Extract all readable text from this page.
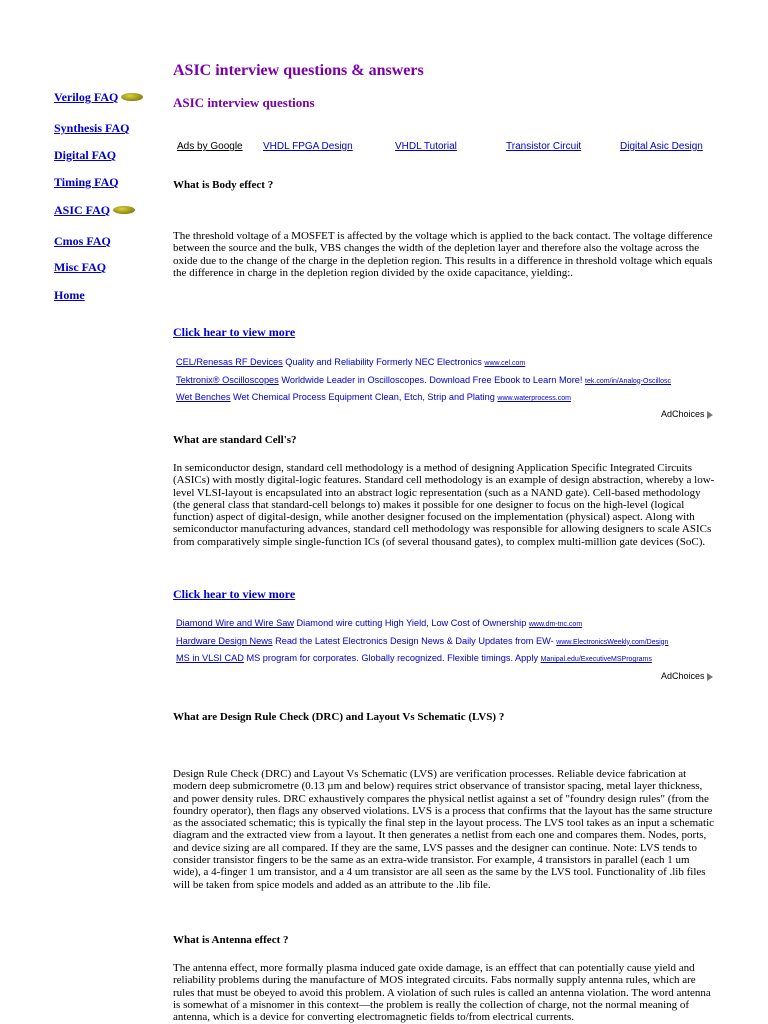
Verilog FAQ
Synthesis FAQ
Digital FAQ
Timing FAQ
ASIC FAQ
Cmos FAQ
Misc FAQ
Home
ASIC interview questions & answers
ASIC interview questions
Ads by Google VHDL FPGA Design	VHDL Tutorial	Transistor Circuit	Digital Asic Design
What is Body effect ?
The threshold voltage of a MOSFET is affected by the voltage which is applied to the back contact. The voltage difference between the source and the bulk, VBS changes the width of the depletion layer and therefore also the voltage across the oxide due to the change of the charge in the depletion region. This results in a difference in threshold voltage which equals the difference in charge in the depletion region divided by the oxide capacitance, yielding:.
Click hear to view more
CEL/Renesas RF Devices Quality and Reliability Formerly NEC Electronics www.cel.com
Tektronix® Oscilloscopes Worldwide Leader in Oscilloscopes. Download Free Ebook to Learn More! tek.com/in/Analog-Oscillosc
Wet Benches Wet Chemical Process Equipment Clean, Etch, Strip and Plating www.waterprocess.com
AdChoices
What are standard Cell's?
In semiconductor design, standard cell methodology is a method of designing Application Specific Integrated Circuits (ASICs) with mostly digital-logic features. Standard cell methodology is an example of design abstraction, whereby a low-level VLSI-layout is encapsulated into an abstract logic representation (such as a NAND gate). Cell-based methodology (the general class that standard-cell belongs to) makes it possible for one designer to focus on the high-level (logical function) aspect of digital-design, while another designer focused on the implementation (physical) aspect. Along with semiconductor manufacturing advances, standard cell methodology was responsible for allowing designers to scale ASICs from comparatively simple single-function ICs (of several thousand gates), to complex multi-million gate devices (SoC).
Click hear to view more
Diamond Wire and Wire Saw Diamond wire cutting High Yield, Low Cost of Ownership www.dm-tnc.com
Hardware Design News Read the Latest Electronics Design News & Daily Updates from EW- www.ElectronicsWeekly.com/Design
MS in VLSI CAD MS program for corporates. Globally recognized. Flexible timings. Apply Manipal.edu/ExecutiveMSPrograms
AdChoices
What are Design Rule Check (DRC) and Layout Vs Schematic (LVS) ?
Design Rule Check (DRC) and Layout Vs Schematic (LVS) are verification processes. Reliable device fabrication at modern deep submicrometre (0.13 µm and below) requires strict observance of transistor spacing, metal layer thickness, and power density rules. DRC exhaustively compares the physical netlist against a set of "foundry design rules" (from the foundry operator), then flags any observed violations. LVS is a process that confirms that the layout has the same structure as the associated schematic; this is typically the final step in the layout process. The LVS tool takes as an input a schematic diagram and the extracted view from a layout. It then generates a netlist from each one and compares them. Nodes, ports, and device sizing are all compared. If they are the same, LVS passes and the designer can continue. Note: LVS tends to consider transistor fingers to be the same as an extra-wide transistor. For example, 4 transistors in parallel (each 1 um wide), a 4-finger 1 um transistor, and a 4 um transistor are all seen as the same by the LVS tool. Functionality of .lib files will be taken from spice models and added as an attribute to the .lib file.
What is Antenna effect ?
The antenna effect, more formally plasma induced gate oxide damage, is an efffect that can potentially cause yield and reliability problems during the manufacture of MOS integrated circuits. Fabs normally supply antenna rules, which are rules that must be obeyed to avoid this problem. A violation of such rules is called an antenna violation. The word antenna is somewhat of a misnomer in this context—the problem is really the collection of charge, not the normal meaning of antenna, which is a device for converting electromagnetic fields to/from electrical currents.
